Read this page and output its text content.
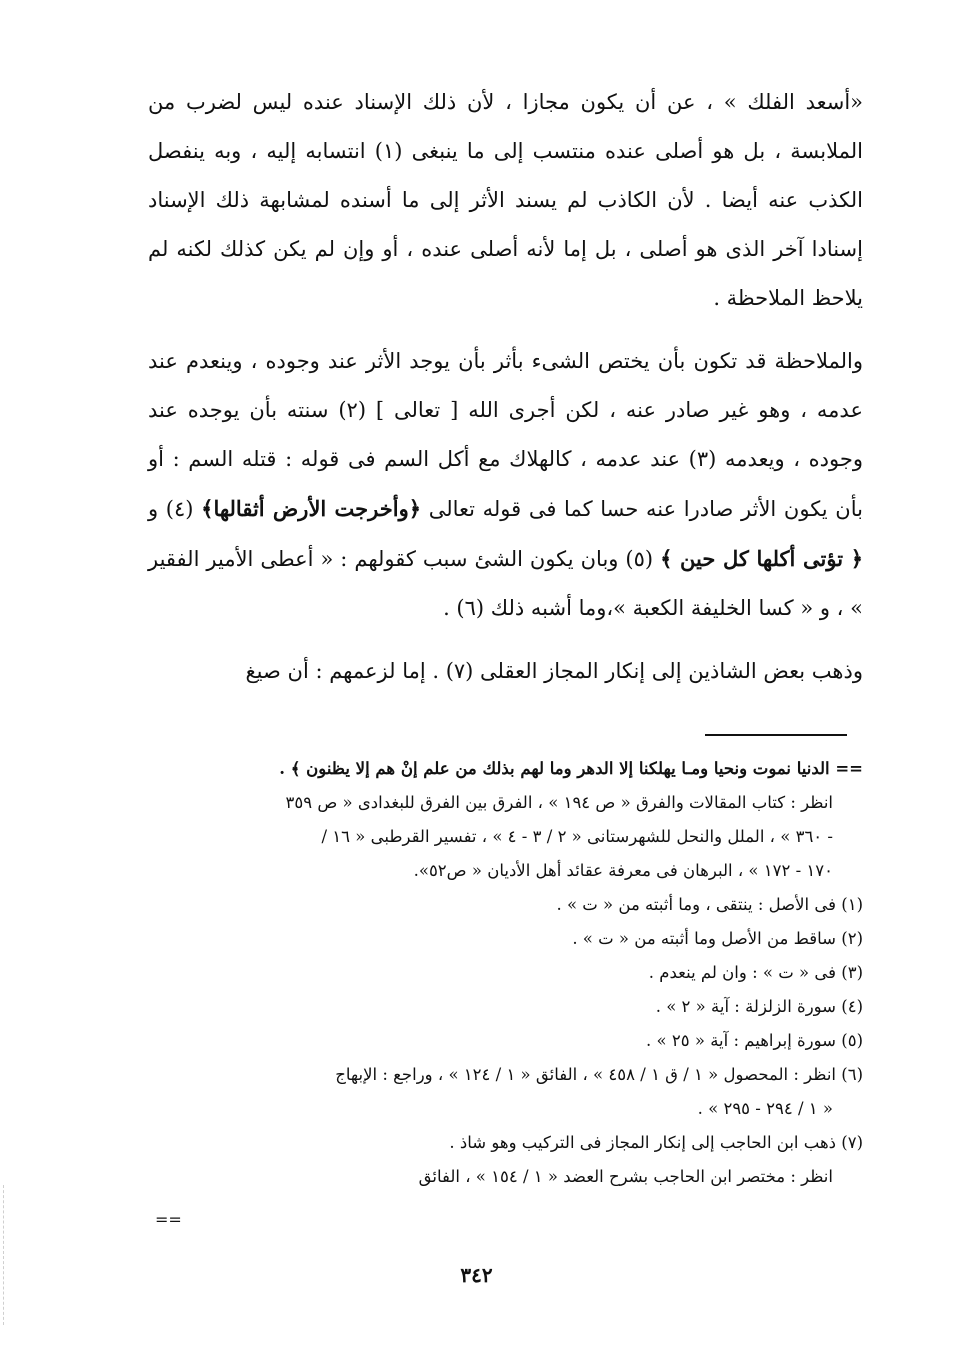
«أسعد الفلك » ، عن أن يكون مجازا ، لأن ذلك الإسناد عنده ليس لضرب من الملابسة ، بل هو أصلى عنده منتسب إلى ما ينبغى (١) انتسابه إليه ، وبه ينفصل الكذب عنه أيضا . لأن الكاذب لم يسند الأثر إلى ما أسنده لمشابهة ذلك الإسناد إسنادا آخر الذى هو أصلى ، بل إما لأنه أصلى عنده ، أو وإن لم يكن كذلك لكنه لم يلاحظ الملاحظة .

والملاحظة قد تكون بأن يختص الشىء بأثر بأن يوجد الأثر عند وجوده ، وينعدم عند عدمه ، وهو غير صادر عنه ، لكن أجرى الله [ تعالى ] (٢) سنته بأن يوجده عند وجوده ، ويعدمه (٣) عند عدمه ، كالهلاك مع أكل السم فى قوله : قتله السم : أو بأن يكون الأثر صادرا عنه حسا كما فى قوله تعالى ﴿وأخرجت الأرض أثقالها﴾ (٤) و ﴿ تؤتى أكلها كل حين ﴾ (٥) وبان يكون الشئ سبب كقولهم : « أعطى الأمير الفقير » ، و « كسا الخليفة الكعبة »،وما أشبه ذلك (٦) .

وذهب بعض الشاذين إلى إنكار المجاز العقلى (٧) . إما لزعمهم : أن صيغ

== الدنيا نموت ونحيا ومـا يهلكنا إلا الدهر وما لهم بذلك من علم إنْ هم إلا يظنون ﴾ .
انظر : كتاب المقالات والفرق « ص ١٩٤ » ، الفرق بين الفرق للبغدادى « ص ٣٥٩
- ٣٦٠ » ، الملل والنحل للشهرستانى « ٢ / ٣ - ٤ » ، تفسير القرطبى « ١٦ /
١٧٠ - ١٧٢ » ، البرهان فى معرفة عقائد أهل الأديان « ص٥٢».
(١) فى الأصل : ينتقى ، وما أثبته من « ت » .
(٢) ساقط من الأصل وما أثبته من « ت » .
(٣) فى « ت » : وان لم ينعدم .
(٤) سورة الزلزلة : آية « ٢ » .
(٥) سورة إبراهيم : آية « ٢٥ » .
(٦) انظر : المحصول « ١ / ق ١ / ٤٥٨ » ، الفائق « ١ / ١٢٤ » ، وراجع : الإبهاج
« ١ / ٢٩٤ - ٢٩٥ » .
(٧) ذهب ابن الحاجب إلى إنكار المجاز فى التركيب وهو شاذ .
انظر : مختصر ابن الحاجب بشرح العضد « ١ / ١٥٤ » ، الفائق
==
٣٤٢
